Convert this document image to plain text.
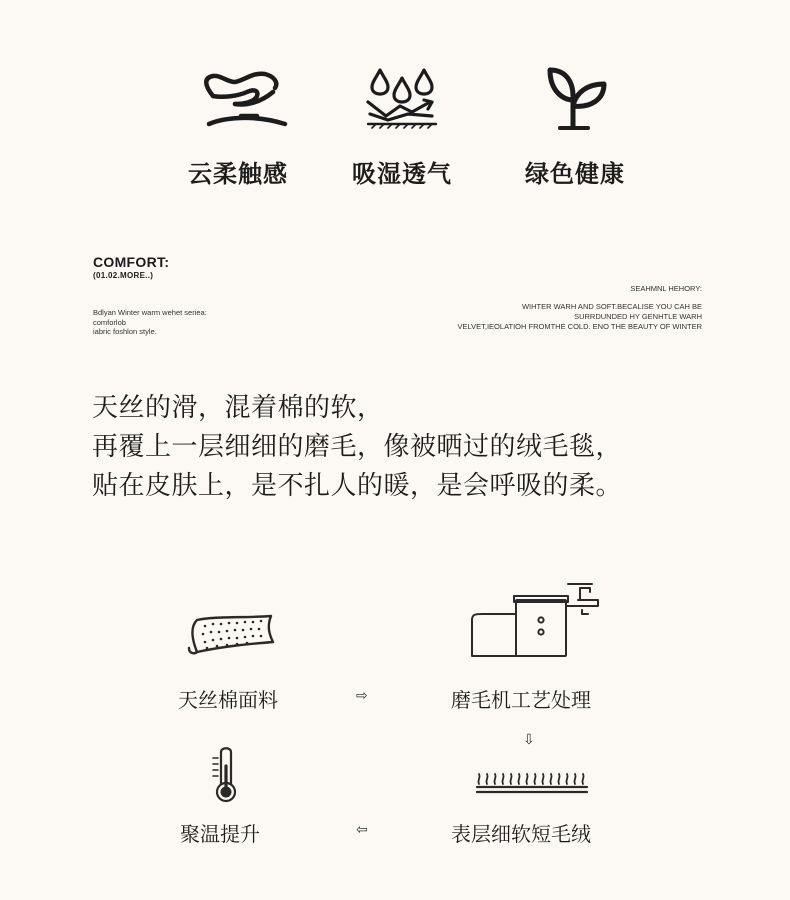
云柔触感	吸湿透气	绿色健康
COMFORT:
(01.02.MORE..)
Bdlyan Winter warm wehet seriea:
comforlob
iabric foshlon style.
SEAHMNL HEHORY:
WIHTER WARH AND SOFT.BECALISE YOU CAH BE
SURRDUNDED HY GENHTLE WARH
VELVET,IEOLATIOH FROMTHE COLD. ENO THE BEAUTY OF WINTER
天丝的滑，混着棉的软，
再覆上一层细细的磨毛，像被晒过的绒毛毯，
贴在皮肤上，是不扎人的暖，是会呼吸的柔。
天丝棉面料	⇨	磨毛机工艺处理
⇩
表层细软短毛绒
⇦
聚温提升
